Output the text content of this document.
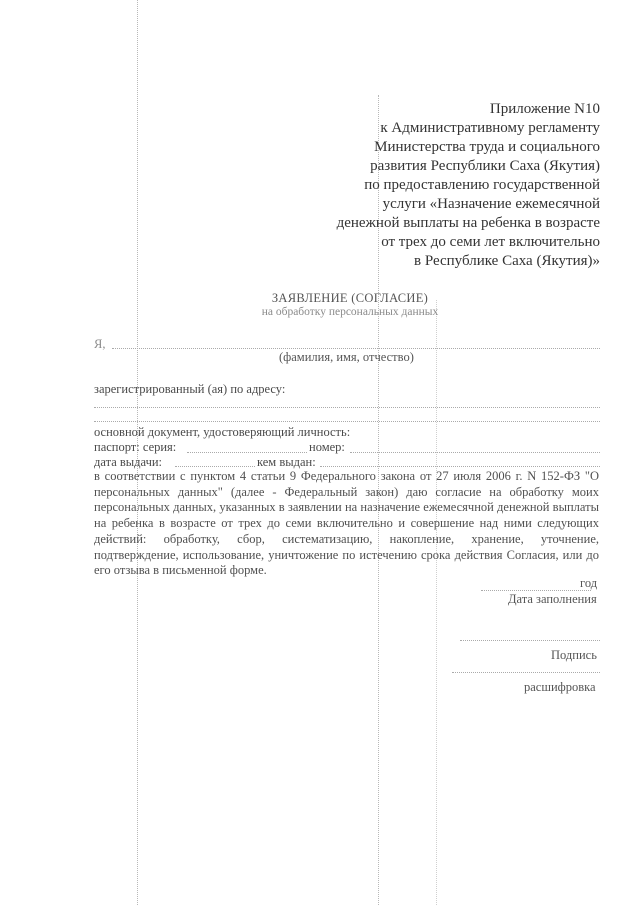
Приложение N10
к Административному регламенту
Министерства труда и социального
развития Республики Саха (Якутия)
по предоставлению государственной
услуги «Назначение ежемесячной
денежной выплаты на ребенка в возрасте
от трех до семи лет включительно
в Республике Саха (Якутия)»
ЗАЯВЛЕНИЕ (СОГЛАСИЕ)
на обработку персональных данных
Я,
(фамилия, имя, отчество)
зарегистрированный (ая) по адресу:
основной документ, удостоверяющий личность:
паспорт: серия:	номер:
дата выдачи:	кем выдан:
в соответствии с пунктом 4 статьи 9 Федерального закона от 27 июля 2006 г. N 152-ФЗ "О персональных данных" (далее - Федеральный закон) даю согласие на обработку моих персональных данных, указанных в заявлении на назначение ежемесячной денежной выплаты на ребенка в возрасте от трех до семи включительно и совершение над ними следующих действий: обработку, сбор, систематизацию, накопление, хранение, уточнение, подтверждение, использование, уничтожение по истечению срока действия Согласия, или до его отзыва в письменной форме.
год
Дата заполнения
Подпись
расшифровка
